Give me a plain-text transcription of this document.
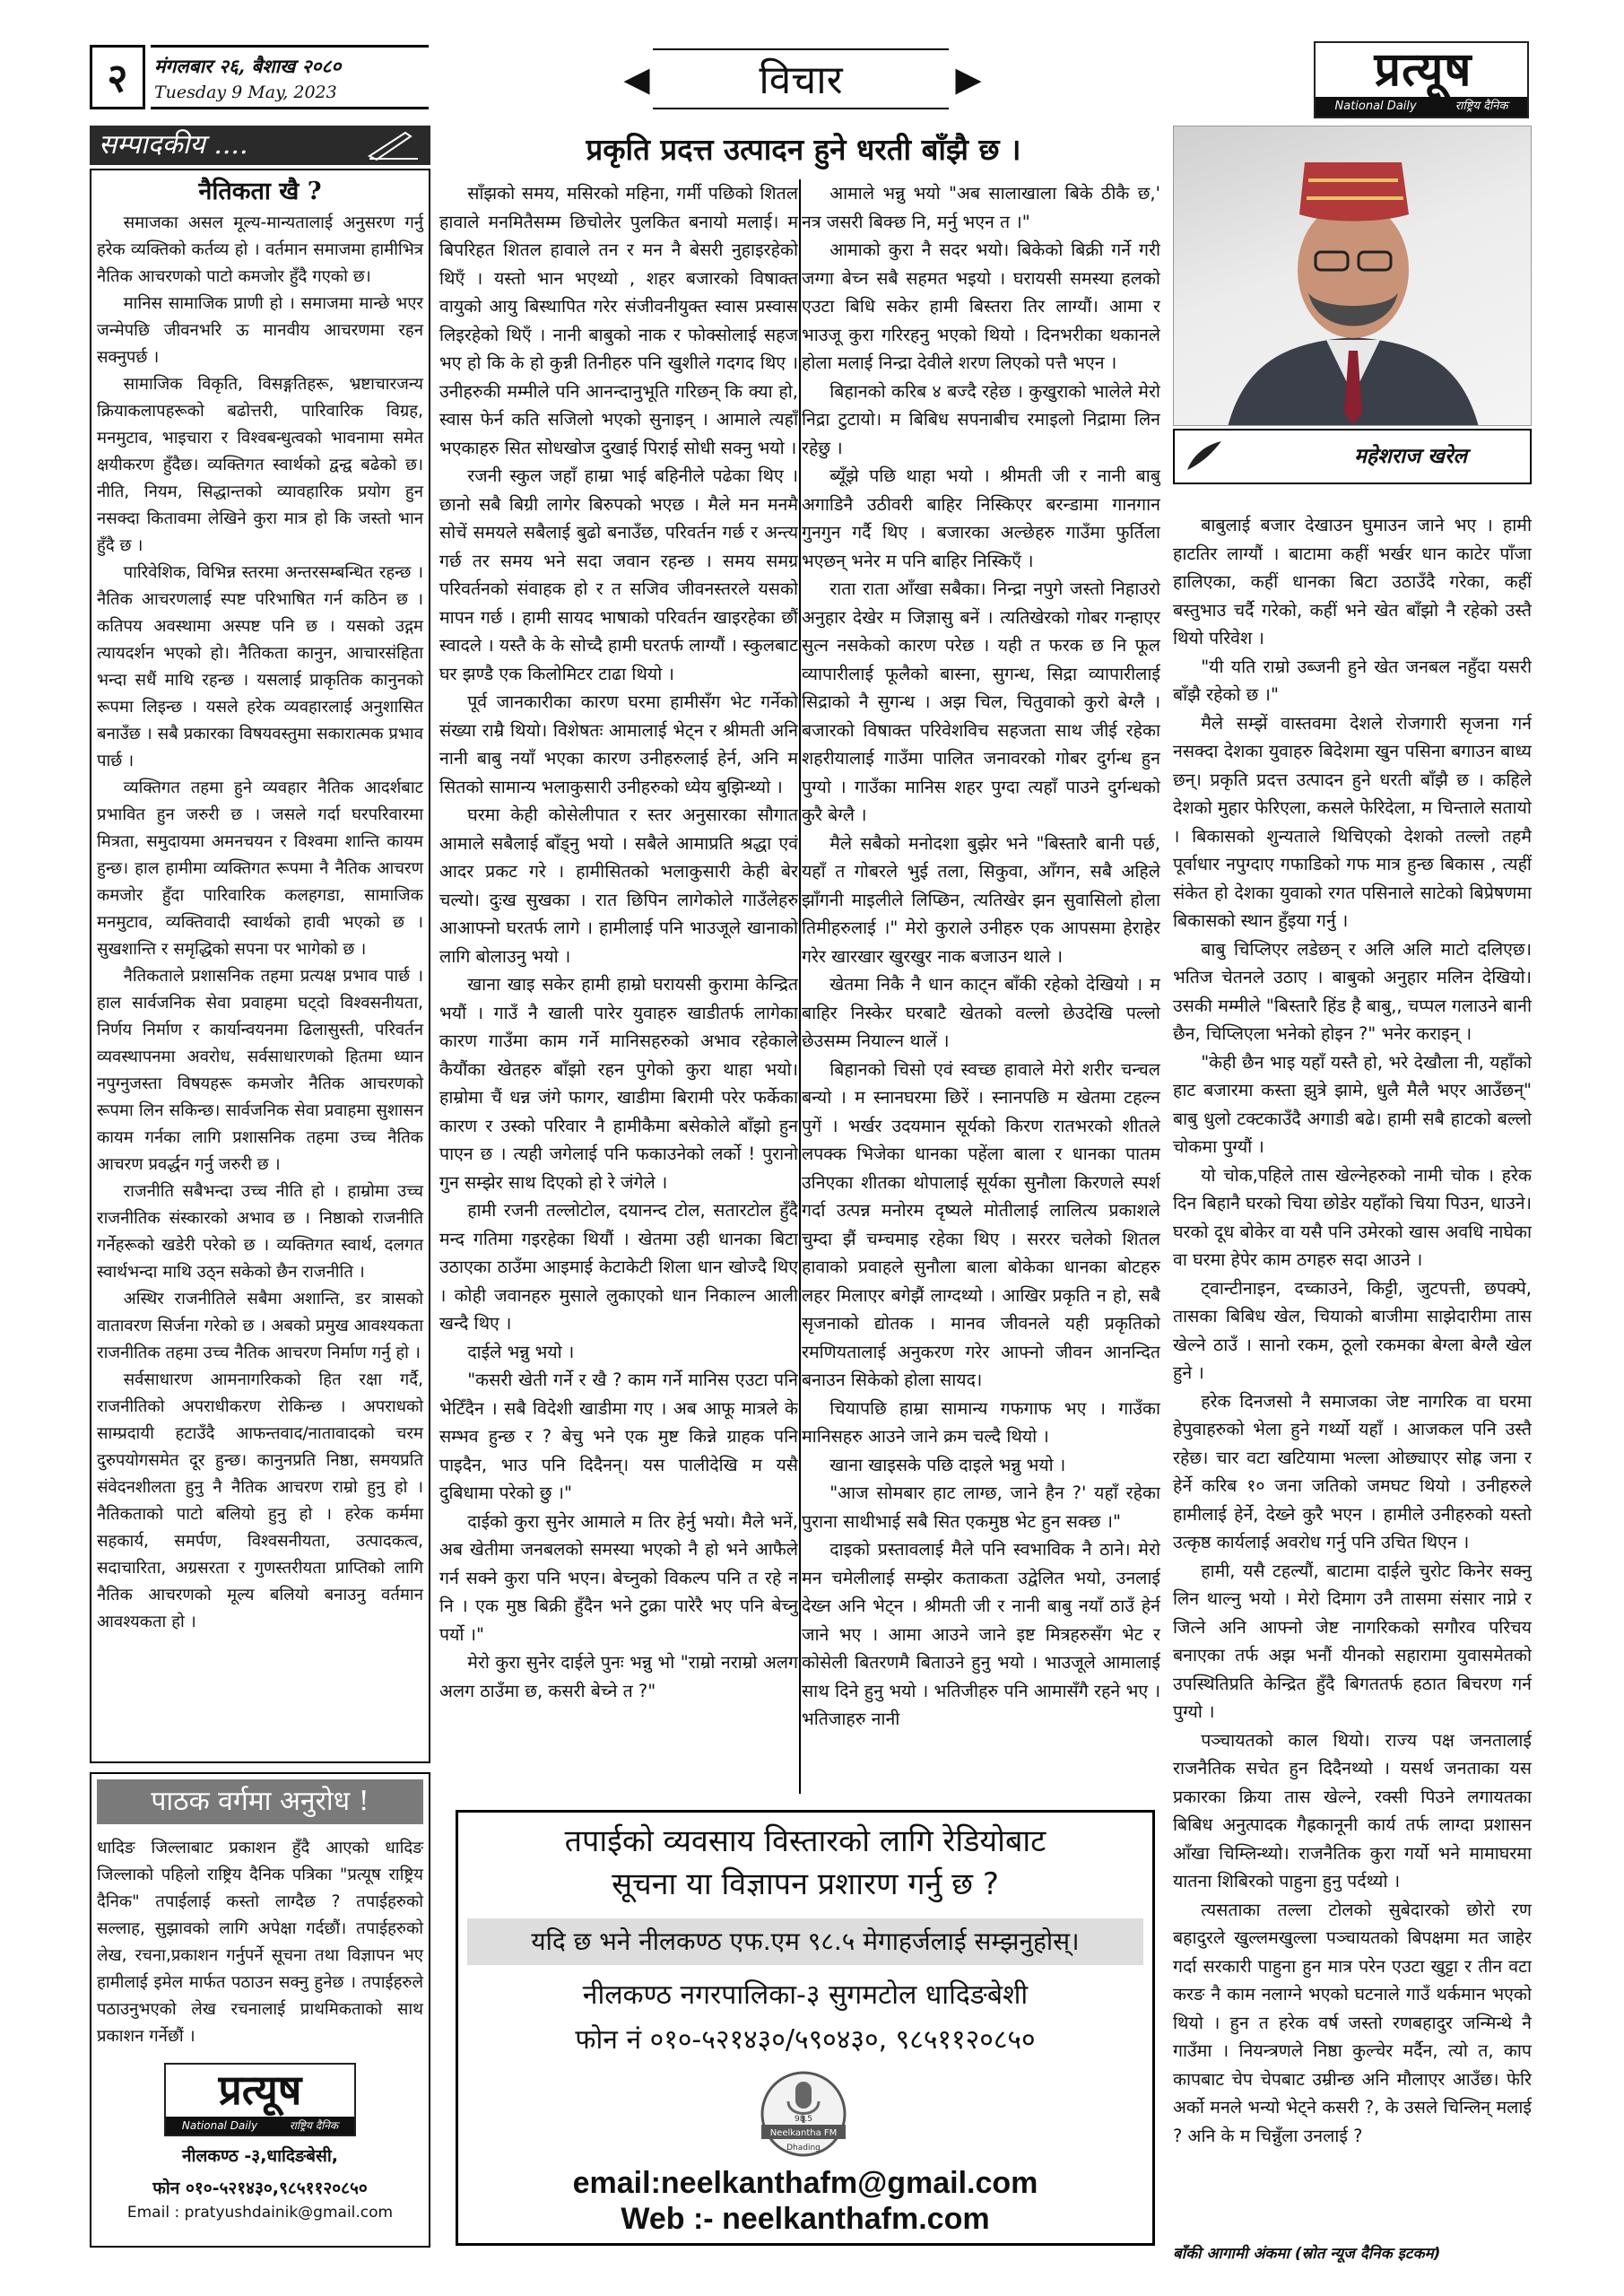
२	मंगलबार २६, बैशाख २०८०
Tuesday 9 May, 2023	◀	विचार	▶	प्रत्यूष
National Daily	राष्ट्रिय दैनिक
सम्पादकीय ....
नैतिकता खै ?

समाजका असल मूल्य-मान्यतालाई अनुसरण गर्नु हरेक व्यक्तिको कर्तव्य हो । वर्तमान समाजमा हामीभित्र नैतिक आचरणको पाटो कमजोर हुँदै गएको छ।

मानिस सामाजिक प्राणी हो । समाजमा मान्छे भएर जन्मेपछि जीवनभरि ऊ मानवीय आचरणमा रहन सक्नुपर्छ ।

सामाजिक विकृति, विसङ्गतिहरू, भ्रष्टाचारजन्य क्रियाकलापहरूको बढोत्तरी, पारिवारिक विग्रह, मनमुटाव, भाइचारा र विश्वबन्धुत्वको भावनामा समेत क्षयीकरण हुँदैछ। व्यक्तिगत स्वार्थको द्वन्द्व बढेको छ। नीति, नियम, सिद्धान्तको व्यावहारिक प्रयोग हुन नसक्दा कितावमा लेखिने कुरा मात्र हो कि जस्तो भान हुँदै छ ।

पारिवेशिक, विभिन्न स्तरमा अन्तरसम्बन्धित रहन्छ । नैतिक आचरणलाई स्पष्ट परिभाषित गर्न कठिन छ । कतिपय अवस्थामा अस्पष्ट पनि छ । यसको उद्गम त्यायदर्शन भएको हो। नैतिकता कानुन, आचारसंहिता भन्दा सधैं माथि रहन्छ । यसलाई प्राकृतिक कानुनको रूपमा लिइन्छ । यसले हरेक व्यवहारलाई अनुशासित बनाउँछ । सबै प्रकारका विषयवस्तुमा सकारात्मक प्रभाव पार्छ ।

व्यक्तिगत तहमा हुने व्यवहार नैतिक आदर्शबाट प्रभावित हुन जरुरी छ । जसले गर्दा घरपरिवारमा मित्रता, समुदायमा अमनचयन र विश्वमा शान्ति कायम हुन्छ। हाल हामीमा व्यक्तिगत रूपमा नै नैतिक आचरण कमजोर हुँदा पारिवारिक कलहगडा, सामाजिक मनमुटाव, व्यक्तिवादी स्वार्थको हावी भएको छ । सुखशान्ति र समृद्धिको सपना पर भागेको छ ।

नैतिकताले प्रशासनिक तहमा प्रत्यक्ष प्रभाव पार्छ । हाल सार्वजनिक सेवा प्रवाहमा घट्दो विश्वसनीयता, निर्णय निर्माण र कार्यान्वयनमा ढिलासुस्ती, परिवर्तन व्यवस्थापनमा अवरोध, सर्वसाधारणको हितमा ध्यान नपुग्नुजस्ता विषयहरू कमजोर नैतिक आचरणको रूपमा लिन सकिन्छ। सार्वजनिक सेवा प्रवाहमा सुशासन कायम गर्नका लागि प्रशासनिक तहमा उच्च नैतिक आचरण प्रवर्द्धन गर्नु जरुरी छ ।

राजनीति सबैभन्दा उच्च नीति हो । हाम्रोमा उच्च राजनीतिक संस्कारको अभाव छ । निष्ठाको राजनीति गर्नेहरूको खडेरी परेको छ । व्यक्तिगत स्वार्थ, दलगत स्वार्थभन्दा माथि उठ्न सकेको छैन राजनीति ।

अस्थिर राजनीतिले सबैमा अशान्ति, डर त्रासको वातावरण सिर्जना गरेको छ । अबको प्रमुख आवश्यकता राजनीतिक तहमा उच्च नैतिक आचरण निर्माण गर्नु हो ।

सर्वसाधारण आमनागरिकको हित रक्षा गर्दै, राजनीतिको अपराधीकरण रोकिन्छ । अपराधको साम्प्रदायी हटाउँदै आफन्तवाद/नातावादको चरम दुरुपयोगसमेत दूर हुन्छ। कानुनप्रति निष्ठा, समयप्रति संवेदनशीलता हुनु नै नैतिक आचरण राम्रो हुनु हो । नैतिकताको पाटो बलियो हुनु हो । हरेक कर्ममा सहकार्य, समर्पण, विश्वसनीयता, उत्पादकत्व, सदाचारिता, अग्रसरता र गुणस्तरीयता प्राप्तिको लागि नैतिक आचरणको मूल्य बलियो बनाउनु वर्तमान आवश्यकता हो ।

पाठक वर्गमा अनुरोध !
धादिङ जिल्लाबाट प्रकाशन हुँदै आएको धादिङ जिल्लाको पहिलो राष्ट्रिय दैनिक पत्रिका "प्रत्यूष राष्ट्रिय दैनिक" तपाईलाई कस्तो लाग्दैछ ? तपाईहरुको सल्लाह, सुझावको लागि अपेक्षा गर्दछौं। तपाईहरुको लेख, रचना,प्रकाशन गर्नुपर्ने सूचना तथा विज्ञापन भए हामीलाई इमेल मार्फत पठाउन सक्नु हुनेछ । तपाईहरुले पठाउनुभएको लेख रचनालाई प्राथमिकताको साथ प्रकाशन गर्नेछौं ।
प्रत्यूष
National Daily	राष्ट्रिय दैनिक
नीलकण्ठ -३,धादिङबेसी,
फोन ०१०-५२१४३०,९८५११२०८५०
Email : pratyushdainik@gmail.com
प्रकृति प्रदत्त उत्पादन हुने धरती बाँझै छ ।

साँझको समय, मसिरको महिना, गर्मी पछिको शितल हावाले मनमितैसम्म छिचोलेर पुलकित बनायो मलाई। म बिपरिहत शितल हावाले तन र मन नै बेसरी नुहाइरहेको थिएँ । यस्तो भान भएथ्यो , शहर बजारको विषाक्त वायुको आयु बिस्थापित गरेर संजीवनीयुक्त स्वास प्रस्वास लिइरहेको थिएँ । नानी बाबुको नाक र फोक्सोलाई सहज भए हो कि के हो कुन्नी तिनीहरु पनि खुशीले गदगद थिए । उनीहरुकी मम्मीले पनि आनन्दानुभूति गरिछन् कि क्या हो, स्वास फेर्न कति सजिलो भएको सुनाइन् । आमाले त्यहाँ भएकाहरु सित सोधखोज दुखाई पिराई सोधी सक्नु भयो ।

रजनी स्कुल जहाँ हाम्रा भाई बहिनीले पढेका थिए । छानो सबै बिग्री लागेर बिरुपको भएछ । मैले मन मनमै सोचें समयले सबैलाई बुढो बनाउँछ, परिवर्तन गर्छ र अन्त्य गर्छ तर समय भने सदा जवान रहन्छ । समय समग्र परिवर्तनको संवाहक हो र त सजिव जीवनस्तरले यसको मापन गर्छ । हामी सायद भाषाको परिवर्तन खाइरहेका छौं स्वादले । यस्तै के के सोच्दै हामी घरतर्फ लाग्यौं । स्कुलबाट घर झण्डै एक किलोमिटर टाढा थियो ।

पूर्व जानकारीका कारण घरमा हामीसँग भेट गर्नेको संख्या राम्रै थियो। विशेषतः आमालाई भेट्न र श्रीमती अनि नानी बाबु नयाँ भएका कारण उनीहरुलाई हेर्न, अनि म सितको सामान्य भलाकुसारी उनीहरुको ध्येय बुझिन्थ्यो ।

घरमा केही कोसेलीपात र स्तर अनुसारका सौगात आमाले सबैलाई बाँड्नु भयो । सबैले आमाप्रति श्रद्धा एवं आदर प्रकट गरे । हामीसितको भलाकुसारी केही बेर चल्यो। दुःख सुखका । रात छिपिन लागेकोले गाउँलेहरु आआफ्नो घरतर्फ लागे । हामीलाई पनि भाउजूले खानाको लागि बोलाउनु भयो ।

खाना खाइ सकेर हामी हाम्रो घरायसी कुरामा केन्द्रित भयौं । गाउँ नै खाली पारेर युवाहरु खाडीतर्फ लागेका कारण गाउँमा काम गर्ने मानिसहरुको अभाव रहेकाले कैयौंका खेतहरु बाँझो रहन पुगेको कुरा थाहा भयो। हाम्रोमा चैं धन्न जंगे फागर, खाडीमा बिरामी परेर फर्केका कारण र उस्को परिवार नै हामीकैमा बसेकोले बाँझो हुन पाएन छ । त्यही जगेलाई पनि फकाउनेको लर्को ! पुरानो गुन सम्झेर साथ दिएको हो रे जंगेले ।

हामी रजनी तल्लोटोल, दयानन्द टोल, सतारटोल हुँदै मन्द गतिमा गइरहेका थियौं । खेतमा उही धानका बिटा उठाएका ठाउँमा आइमाई केटाकेटी शिला धान खोज्दै थिए । कोही जवानहरु मुसाले लुकाएको धान निकाल्न आली खन्दै थिए ।

दाईले भन्नु भयो ।

"कसरी खेती गर्ने र खै ? काम गर्ने मानिस एउटा पनि भेटिँदैन । सबै विदेशी खाडीमा गए । अब आफू मात्रले के सम्भव हुन्छ र ? बेचु भने एक मुष्ट किन्ने ग्राहक पनि पाइदैन, भाउ पनि दिदैनन्। यस पालीदेखि म यसै दुबिधामा परेको छु ।"

दाईको कुरा सुनेर आमाले म तिर हेर्नु भयो। मैले भनें, अब खेतीमा जनबलको समस्या भएको नै हो भने आफैले गर्न सक्ने कुरा पनि भएन। बेच्नुको विकल्प पनि त रहे न नि । एक मुष्ठ बिक्री हुँदैन भने टुक्रा पारेरै भए पनि बेच्नु पर्यो ।"

मेरो कुरा सुनेर दाईले पुनः भन्नु भो "राम्रो नराम्रो अलग अलग ठाउँमा छ, कसरी बेच्ने त ?"

आमाले भन्नु भयो "अब सालाखाला बिके ठीकै छ,' नत्र जसरी बिक्छ नि, मर्नु भएन त ।"

आमाको कुरा नै सदर भयो। बिकेको बिक्री गर्ने गरी जग्गा बेच्न सबै सहमत भइयो । घरायसी समस्या हलको एउटा बिधि सकेर हामी बिस्तरा तिर लाग्यौं। आमा र भाउजू कुरा गरिरहनु भएको थियो । दिनभरीका थकानले होला मलाई निन्द्रा देवीले शरण लिएको पत्तै भएन ।

बिहानको करिब ४ बज्दै रहेछ । कुखुराको भालेले मेरो निद्रा टुटायो। म बिबिध सपनाबीच रमाइलो निद्रामा लिन रहेछु ।

ब्यूँझे पछि थाहा भयो । श्रीमती जी र नानी बाबु अगाडिनै उठीवरी बाहिर निस्किएर बरन्डामा गानगान गुनगुन गर्दै थिए । बजारका अल्छेहरु गाउँमा फुर्तिला भएछन् भनेर म पनि बाहिर निस्किएँ ।

राता राता आँखा सबैका। निन्द्रा नपुगे जस्तो निहाउरो अनुहार देखेर म जिज्ञासु बनें । त्यतिखेरको गोबर गन्हाएर सुत्न नसकेको कारण परेछ । यही त फरक छ नि फूल व्यापारीलाई फूलैको बास्ना, सुगन्ध, सिद्रा व्यापारीलाई सिद्राको नै सुगन्ध । अझ चिल, चितुवाको कुरो बेग्लै । बजारको विषाक्त परिवेशविच सहजता साथ जीई रहेका शहरीयालाई गाउँमा पालित जनावरको गोबर दुर्गन्ध हुन पुग्यो । गाउँका मानिस शहर पुग्दा त्यहाँ पाउने दुर्गन्धको कुरै बेग्लै ।

मैले सबैको मनोदशा बुझेर भने "बिस्तारै बानी पर्छ, यहाँ त गोबरले भुई तला, सिकुवा, आँगन, सबै अहिले झाँगनी माइलीले लिप्छिन, त्यतिखेर झन सुवासिलो होला तिमीहरुलाई ।" मेरो कुराले उनीहरु एक आपसमा हेराहेर गरेर खारखार खुरखुर नाक बजाउन थाले ।

खेतमा निकै नै धान काट्न बाँकी रहेको देखियो । म बाहिर निस्केर घरबाटै खेतको वल्लो छेउदेखि पल्लो छेउसम्म नियाल्न थालें ।

बिहानको चिसो एवं स्वच्छ हावाले मेरो शरीर चन्चल बन्यो । म स्नानघरमा छिरें । स्नानपछि म खेतमा टहल्न पुगें । भर्खर उदयमान सूर्यको किरण रातभरको शीतले लपक्क भिजेका धानका पहेंला बाला र धानका पातम उनिएका शीतका थोपालाई सूर्यका सुनौला किरणले स्पर्श गर्दा उत्पन्न मनोरम दृष्यले मोतीलाई लालित्य प्रकाशले चुम्दा झैं चम्चमाइ रहेका थिए । सररर चलेको शितल हावाको प्रवाहले सुनौला बाला बोकेका धानका बोटहरु लहर मिलाएर बगेझैं लाग्दथ्यो । आखिर प्रकृति न हो, सबै सृजनाको द्योतक । मानव जीवनले यही प्रकृतिको रमणियतालाई अनुकरण गरेर आफ्नो जीवन आनन्दित बनाउन सिकेको होला सायद।

चियापछि हाम्रा सामान्य गफगाफ भए । गाउँका मानिसहरु आउने जाने क्रम चल्दै थियो ।

खाना खाइसके पछि दाइले भन्नु भयो ।

"आज सोमबार हाट लाग्छ, जाने हैन ?' यहाँ रहेका पुराना साथीभाई सबै सित एकमुष्ठ भेट हुन सक्छ ।"

दाइको प्रस्तावलाई मैले पनि स्वभाविक नै ठाने। मेरो मन चमेलीलाई सम्झेर कताकता उद्वेलित भयो, उनलाई देख्न अनि भेट्न । श्रीमती जी र नानी बाबु नयाँ ठाउँ हेर्न जाने भए । आमा आउने जाने इष्ट मित्रहरुसँग भेट र कोसेली बितरणमै बिताउने हुनु भयो । भाउजूले आमालाई साथ दिने हुनु भयो । भतिजीहरु पनि आमासँगै रहने भए । भतिजाहरु नानी

महेशराज खरेल

बाबुलाई बजार देखाउन घुमाउन जाने भए । हामी हाटतिर लाग्यौं । बाटामा कहीं भर्खर धान काटेर पाँजा हालिएका, कहीं धानका बिटा उठाउँदै गरेका, कहीं बस्तुभाउ चर्दै गरेको, कहीं भने खेत बाँझो नै रहेको उस्तै थियो परिवेश ।

"यी यति राम्रो उब्जनी हुने खेत जनबल नहुँदा यसरी बाँझै रहेको छ ।"

मैले सम्झें वास्तवमा देशले रोजगारी सृजना गर्न नसक्दा देशका युवाहरु बिदेशमा खुन पसिना बगाउन बाध्य छन्। प्रकृति प्रदत्त उत्पादन हुने धरती बाँझै छ । कहिले देशको मुहार फेरिएला, कसले फेरिदेला, म चिन्ताले सतायो । बिकासको शुन्यताले थिचिएको देशको तल्लो तहमै पूर्वाधार नपुग्दाए गफाडिको गफ मात्र हुन्छ बिकास , त्यहीं संकेत हो देशका युवाको रगत पसिनाले साटेको बिप्रेषणमा बिकासको स्थान हुँइया गर्नु ।

बाबु चिप्लिएर लडेछन् र अलि अलि माटो दलिएछ। भतिज चेतनले उठाए । बाबुको अनुहार मलिन देखियो। उसकी मम्मीले "बिस्तारै हिंड है बाबु,, चप्पल गलाउने बानी छैन, चिप्लिएला भनेको होइन ?" भनेर कराइन् ।

"केही छैन भाइ यहाँ यस्तै हो, भरे देखौला नी, यहाँको हाट बजारमा कस्ता झुत्रे झामे, धुलै मैलै भएर आउँछन्" बाबु धुलो टक्टकाउँदै अगाडी बढे। हामी सबै हाटको बल्लो चोकमा पुग्यौं ।

यो चोक,पहिले तास खेल्नेहरुको नामी चोक । हरेक दिन बिहानै घरको चिया छोडेर यहाँको चिया पिउन, धाउने। घरको दूध बोकेर वा यसै पनि उमेरको खास अवधि नाघेका वा घरमा हेपेर काम ठगहरु सदा आउने ।

ट्वान्टीनाइन, दच्काउने, किट्टी, जुटपत्ती, छपक्पे, तासका बिबिध खेल, चियाको बाजीमा साझेदारीमा तास खेल्ने ठाउँ । सानो रकम, ठूलो रकमका बेग्ला बेग्लै खेल हुने ।

हरेक दिनजसो नै समाजका जेष्ट नागरिक वा घरमा हेपुवाहरुको भेला हुने गर्थ्यो यहाँ । आजकल पनि उस्तै रहेछ। चार वटा खटियामा भल्ला ओछ्याएर सोह्र जना र हेर्ने करिब १० जना जतिको जमघट थियो । उनीहरुले हामीलाई हेर्ने, देख्ने कुरै भएन । हामीले उनीहरुको यस्तो उत्कृष्ठ कार्यलाई अवरोध गर्नु पनि उचित थिएन ।

हामी, यसै टहल्यौं, बाटामा दाईले चुरोट किनेर सक्नु लिन थाल्नु भयो । मेरो दिमाग उनै तासमा संसार नाप्ने र जित्ने अनि आफ्नो जेष्ट नागरिकको सगौरव परिचय बनाएका तर्फ अझ भनौं यीनको सहारामा युवासमेतको उपस्थितिप्रति केन्द्रित हुँदै बिगततर्फ हठात बिचरण गर्न पुग्यो ।

पञ्चायतको काल थियो। राज्य पक्ष जनतालाई राजनैतिक सचेत हुन दिदैनथ्यो । यसर्थ जनताका यस प्रकारका क्रिया तास खेल्ने, रक्सी पिउने लगायतका बिबिध अनुत्पादक गैह्रकानूनी कार्य तर्फ लाग्दा प्रशासन आँखा चिम्लिन्थ्यो। राजनैतिक कुरा गर्यो भने मामाघरमा यातना शिबिरको पाहुना हुनु पर्दथ्यो ।

त्यसताका तल्ला टोलको सुबेदारको छोरो रण बहादुरले खुल्लमखुल्ला पञ्चायतको बिपक्षमा मत जाहेर गर्दा सरकारी पाहुना हुन मात्र परेन एउटा खुट्टा र तीन वटा करङ नै काम नलाग्ने भएको घटनाले गाउँ थर्कमान भएको थियो । हुन त हरेक वर्ष जस्तो रणबहादुर जन्मिन्थे नै गाउँमा । नियन्त्रणले निष्ठा कुल्चेर मर्दैन, त्यो त, काप कापबाट चेप चेपबाट उम्रीन्छ अनि मौलाएर आउँछ। फेरि अर्को मनले भन्यो भेट्ने कसरी ?, के उसले चिन्लिन् मलाई ? अनि के म चिन्नुँला उनलाई ?

बाँकी आगामी अंकमा (स्रोत न्यूज दैनिक इटकम)
तपाईको व्यवसाय विस्तारको लागि रेडियोबाट
सूचना या विज्ञापन प्रशारण गर्नु छ ?
यदि छ भने नीलकण्ठ एफ.एम ९८.५ मेगाहर्जलाई सम्झनुहोस्।
नीलकण्ठ नगरपालिका-३ सुगमटोल धादिङबेशी
फोन नं ०१०-५२१४३०/५९०४३०, ९८५११२०८५०
Neelkantha FM
98.5
Dhading
email:neelkanthafm@gmail.com
Web :- neelkanthafm.com
